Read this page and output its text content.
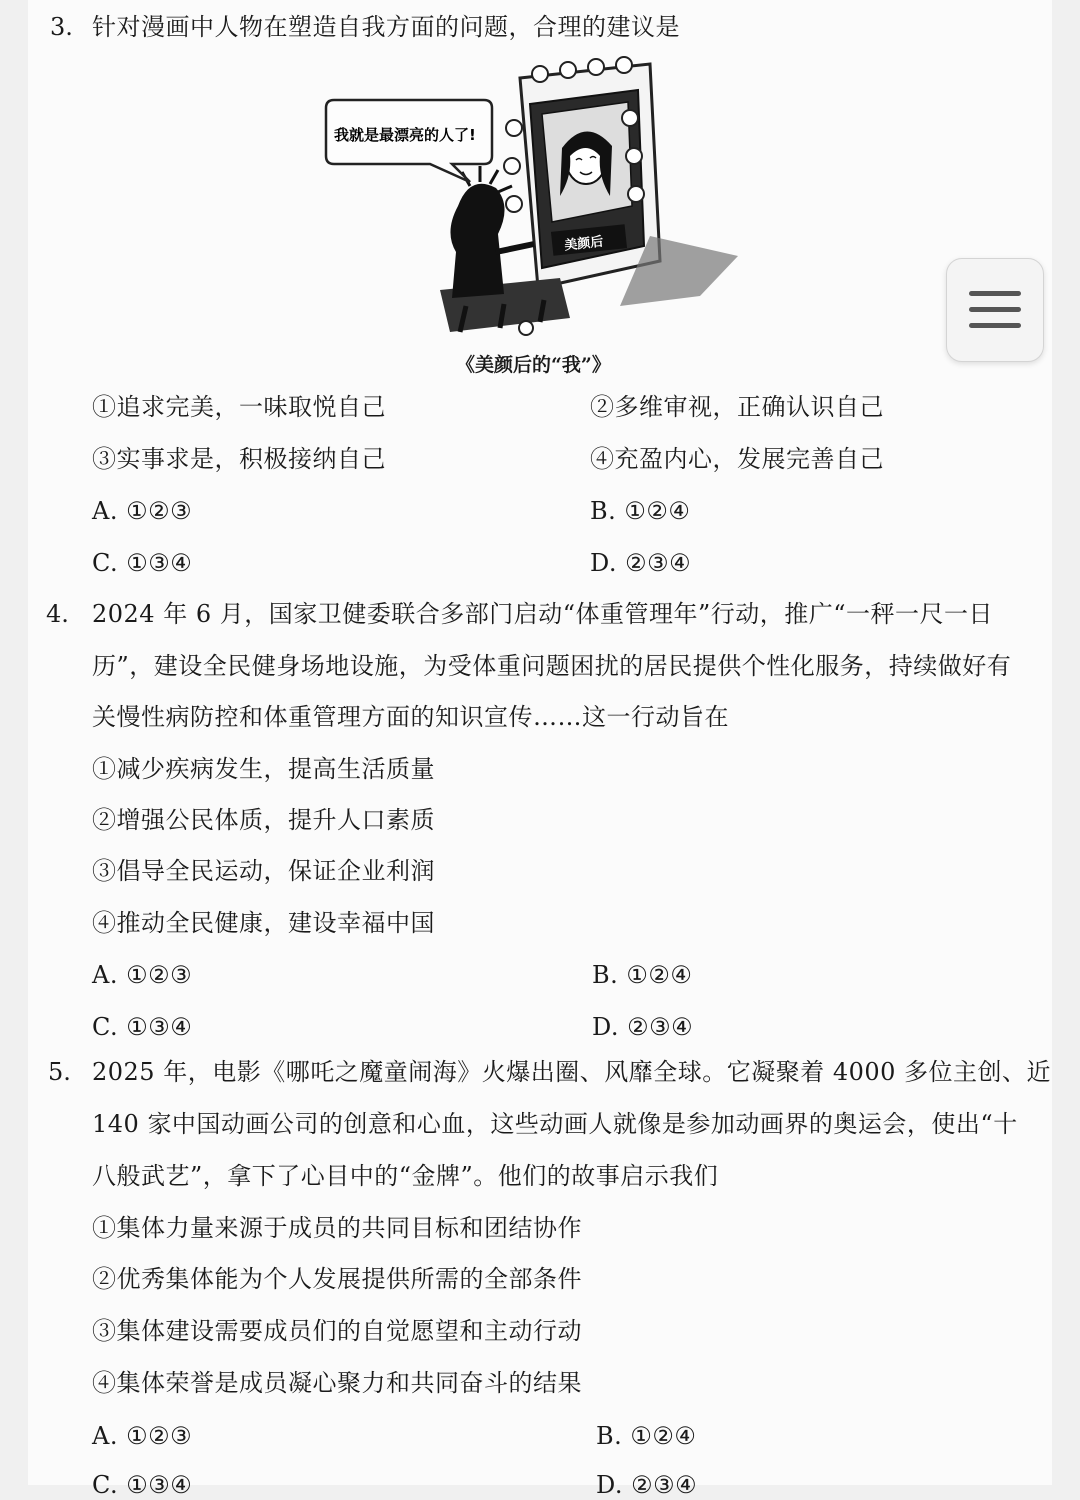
3. 针对漫画中人物在塑造自我方面的问题，合理的建议是
美颜后
我就是最漂亮的人了!
《美颜后的“我”》
①追求完美，一味取悦自己	②多维审视，正确认识自己
③实事求是，积极接纳自己	④充盈内心，发展完善自己
A. ①②③	B. ①②④
C. ①③④	D. ②③④
4. 2024 年 6 月，国家卫健委联合多部门启动“体重管理年”行动，推广“一秤一尺一日
历”，建设全民健身场地设施，为受体重问题困扰的居民提供个性化服务，持续做好有
关慢性病防控和体重管理方面的知识宣传……这一行动旨在
①减少疾病发生，提高生活质量
②增强公民体质，提升人口素质
③倡导全民运动，保证企业利润
④推动全民健康，建设幸福中国
A. ①②③	B. ①②④
C. ①③④	D. ②③④
5. 2025 年，电影《哪吒之魔童闹海》火爆出圈、风靡全球。它凝聚着 4000 多位主创、近
140 家中国动画公司的创意和心血，这些动画人就像是参加动画界的奥运会，使出“十
八般武艺”，拿下了心目中的“金牌”。他们的故事启示我们
①集体力量来源于成员的共同目标和团结协作
②优秀集体能为个人发展提供所需的全部条件
③集体建设需要成员们的自觉愿望和主动行动
④集体荣誉是成员凝心聚力和共同奋斗的结果
A. ①②③	B. ①②④
C. ①③④	D. ②③④
